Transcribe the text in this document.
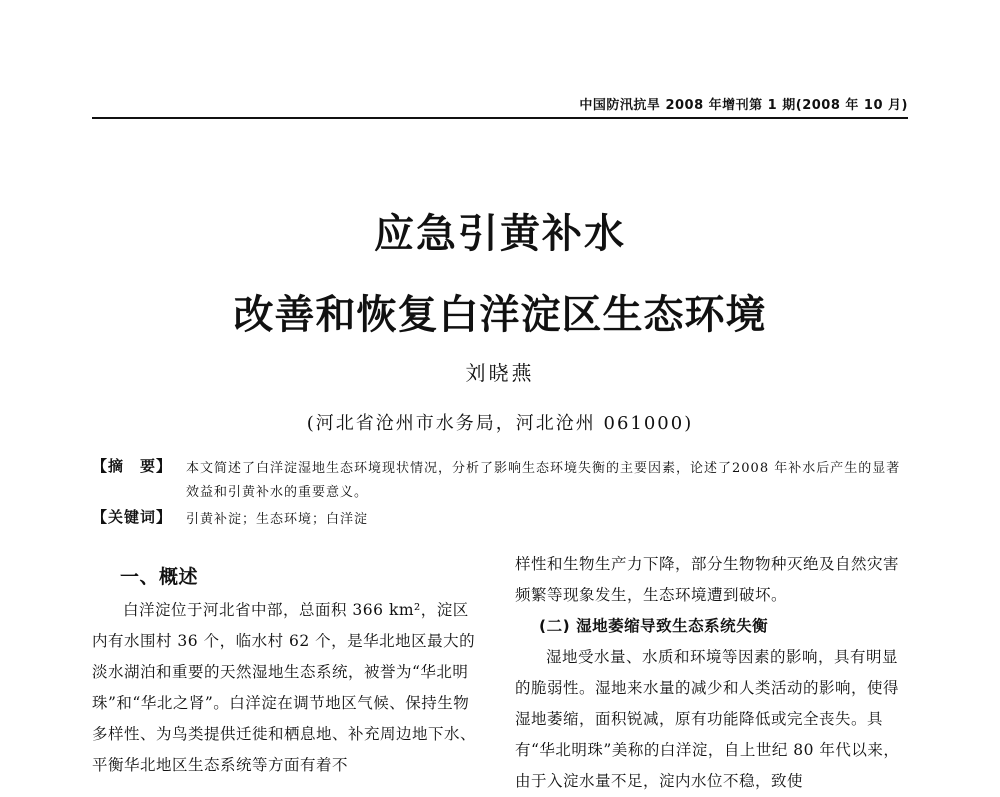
中国防汛抗旱 2008 年增刊第 1 期(2008 年 10 月)
应急引黄补水
改善和恢复白洋淀区生态环境
刘晓燕
(河北省沧州市水务局，河北沧州 061000)
【摘　要】 本文简述了白洋淀湿地生态环境现状情况，分析了影响生态环境失衡的主要因素，论述了2008 年补水后产生的显著效益和引黄补水的重要意义。
【关键词】 引黄补淀；生态环境；白洋淀
一、概述

白洋淀位于河北省中部，总面积 366 km²，淀区内有水围村 36 个，临水村 62 个，是华北地区最大的淡水湖泊和重要的天然湿地生态系统，被誉为“华北明珠”和“华北之肾”。白洋淀在调节地区气候、保持生物多样性、为鸟类提供迁徙和栖息地、补充周边地下水、平衡华北地区生态系统等方面有着不

样性和生物生产力下降，部分生物物种灭绝及自然灾害频繁等现象发生，生态环境遭到破坏。

(二) 湿地萎缩导致生态系统失衡

湿地受水量、水质和环境等因素的影响，具有明显的脆弱性。湿地来水量的减少和人类活动的影响，使得湿地萎缩，面积锐减，原有功能降低或完全丧失。具有“华北明珠”美称的白洋淀，自上世纪 80 年代以来，由于入淀水量不足，淀内水位不稳，致使
